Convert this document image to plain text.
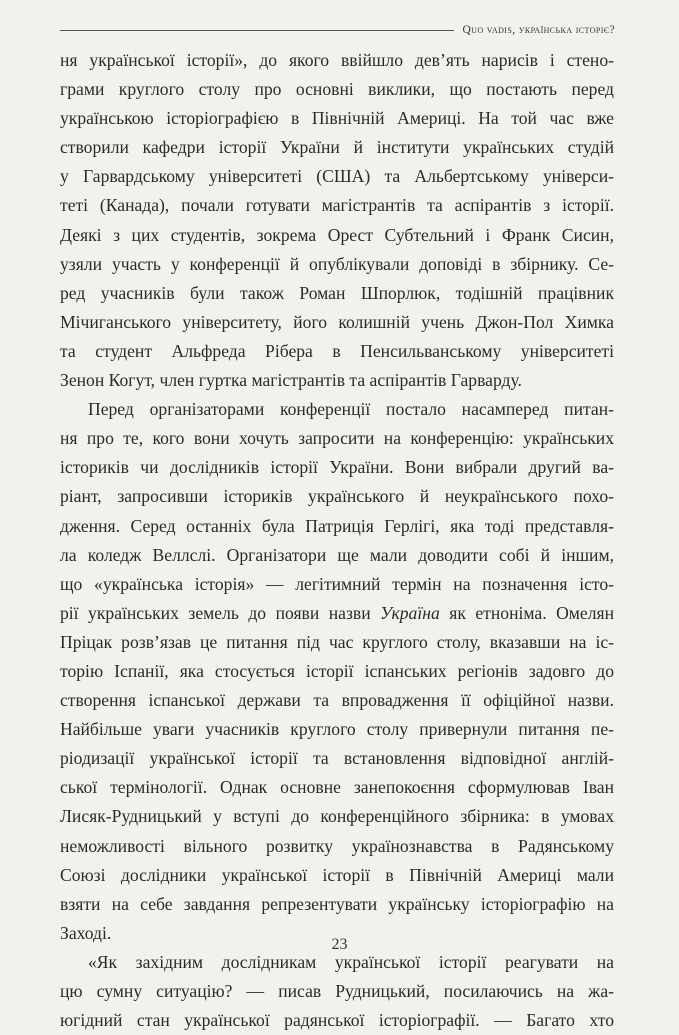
Quo vadis, українська історіє?
ня української історії», до якого ввійшло дев’ять нарисів і стено-
грами круглого столу про основні виклики, що постають перед
українською історіографією в Північній Америці. На той час вже
створили кафедри історії України й інститути українських студій
у Гарвардському університеті (США) та Альбертському універси-
теті (Канада), почали готувати магістрантів та аспірантів з історії.
Деякі з цих студентів, зокрема Орест Субтельний і Франк Сисин,
узяли участь у конференції й опублікували доповіді в збірнику. Се-
ред учасників були також Роман Шпорлюк, тодішній працівник
Мічиганського університету, його колишній учень Джон-Пол Химка
та студент Альфреда Рібера в Пенсильванському університеті
Зенон Когут, член гуртка магістрантів та аспірантів Гарварду.
Перед організаторами конференції постало насамперед питан-
ня про те, кого вони хочуть запросити на конференцію: українських
істориків чи дослідників історії України. Вони вибрали другий ва-
ріант, запросивши істориків українського й неукраїнського похо-
дження. Серед останніх була Патриція Герлігі, яка тоді представля-
ла коледж Веллслі. Організатори ще мали доводити собі й іншим,
що «українська історія» — легітимний термін на позначення істо-
рії українських земель до появи назви Україна як етноніма. Омелян
Пріцак розв’язав це питання під час круглого столу, вказавши на іс-
торію Іспанії, яка стосується історії іспанських регіонів задовго до
створення іспанської держави та впровадження її офіційної назви.
Найбільше уваги учасників круглого столу привернули питання пе-
ріодизації української історії та встановлення відповідної англій-
ської термінології. Однак основне занепокоєння сформулював Іван
Лисяк-Рудницький у вступі до конференційного збірника: в умовах
неможливості вільного розвитку українознавства в Радянському
Союзі дослідники української історії в Північній Америці мали
взяти на себе завдання репрезентувати українську історіографію на
Заході.
«Як західним дослідникам української історії реагувати на
цю сумну ситуацію? — писав Рудницький, посилаючись на жа-
югідний стан української радянської історіографії. — Багато хто
23
